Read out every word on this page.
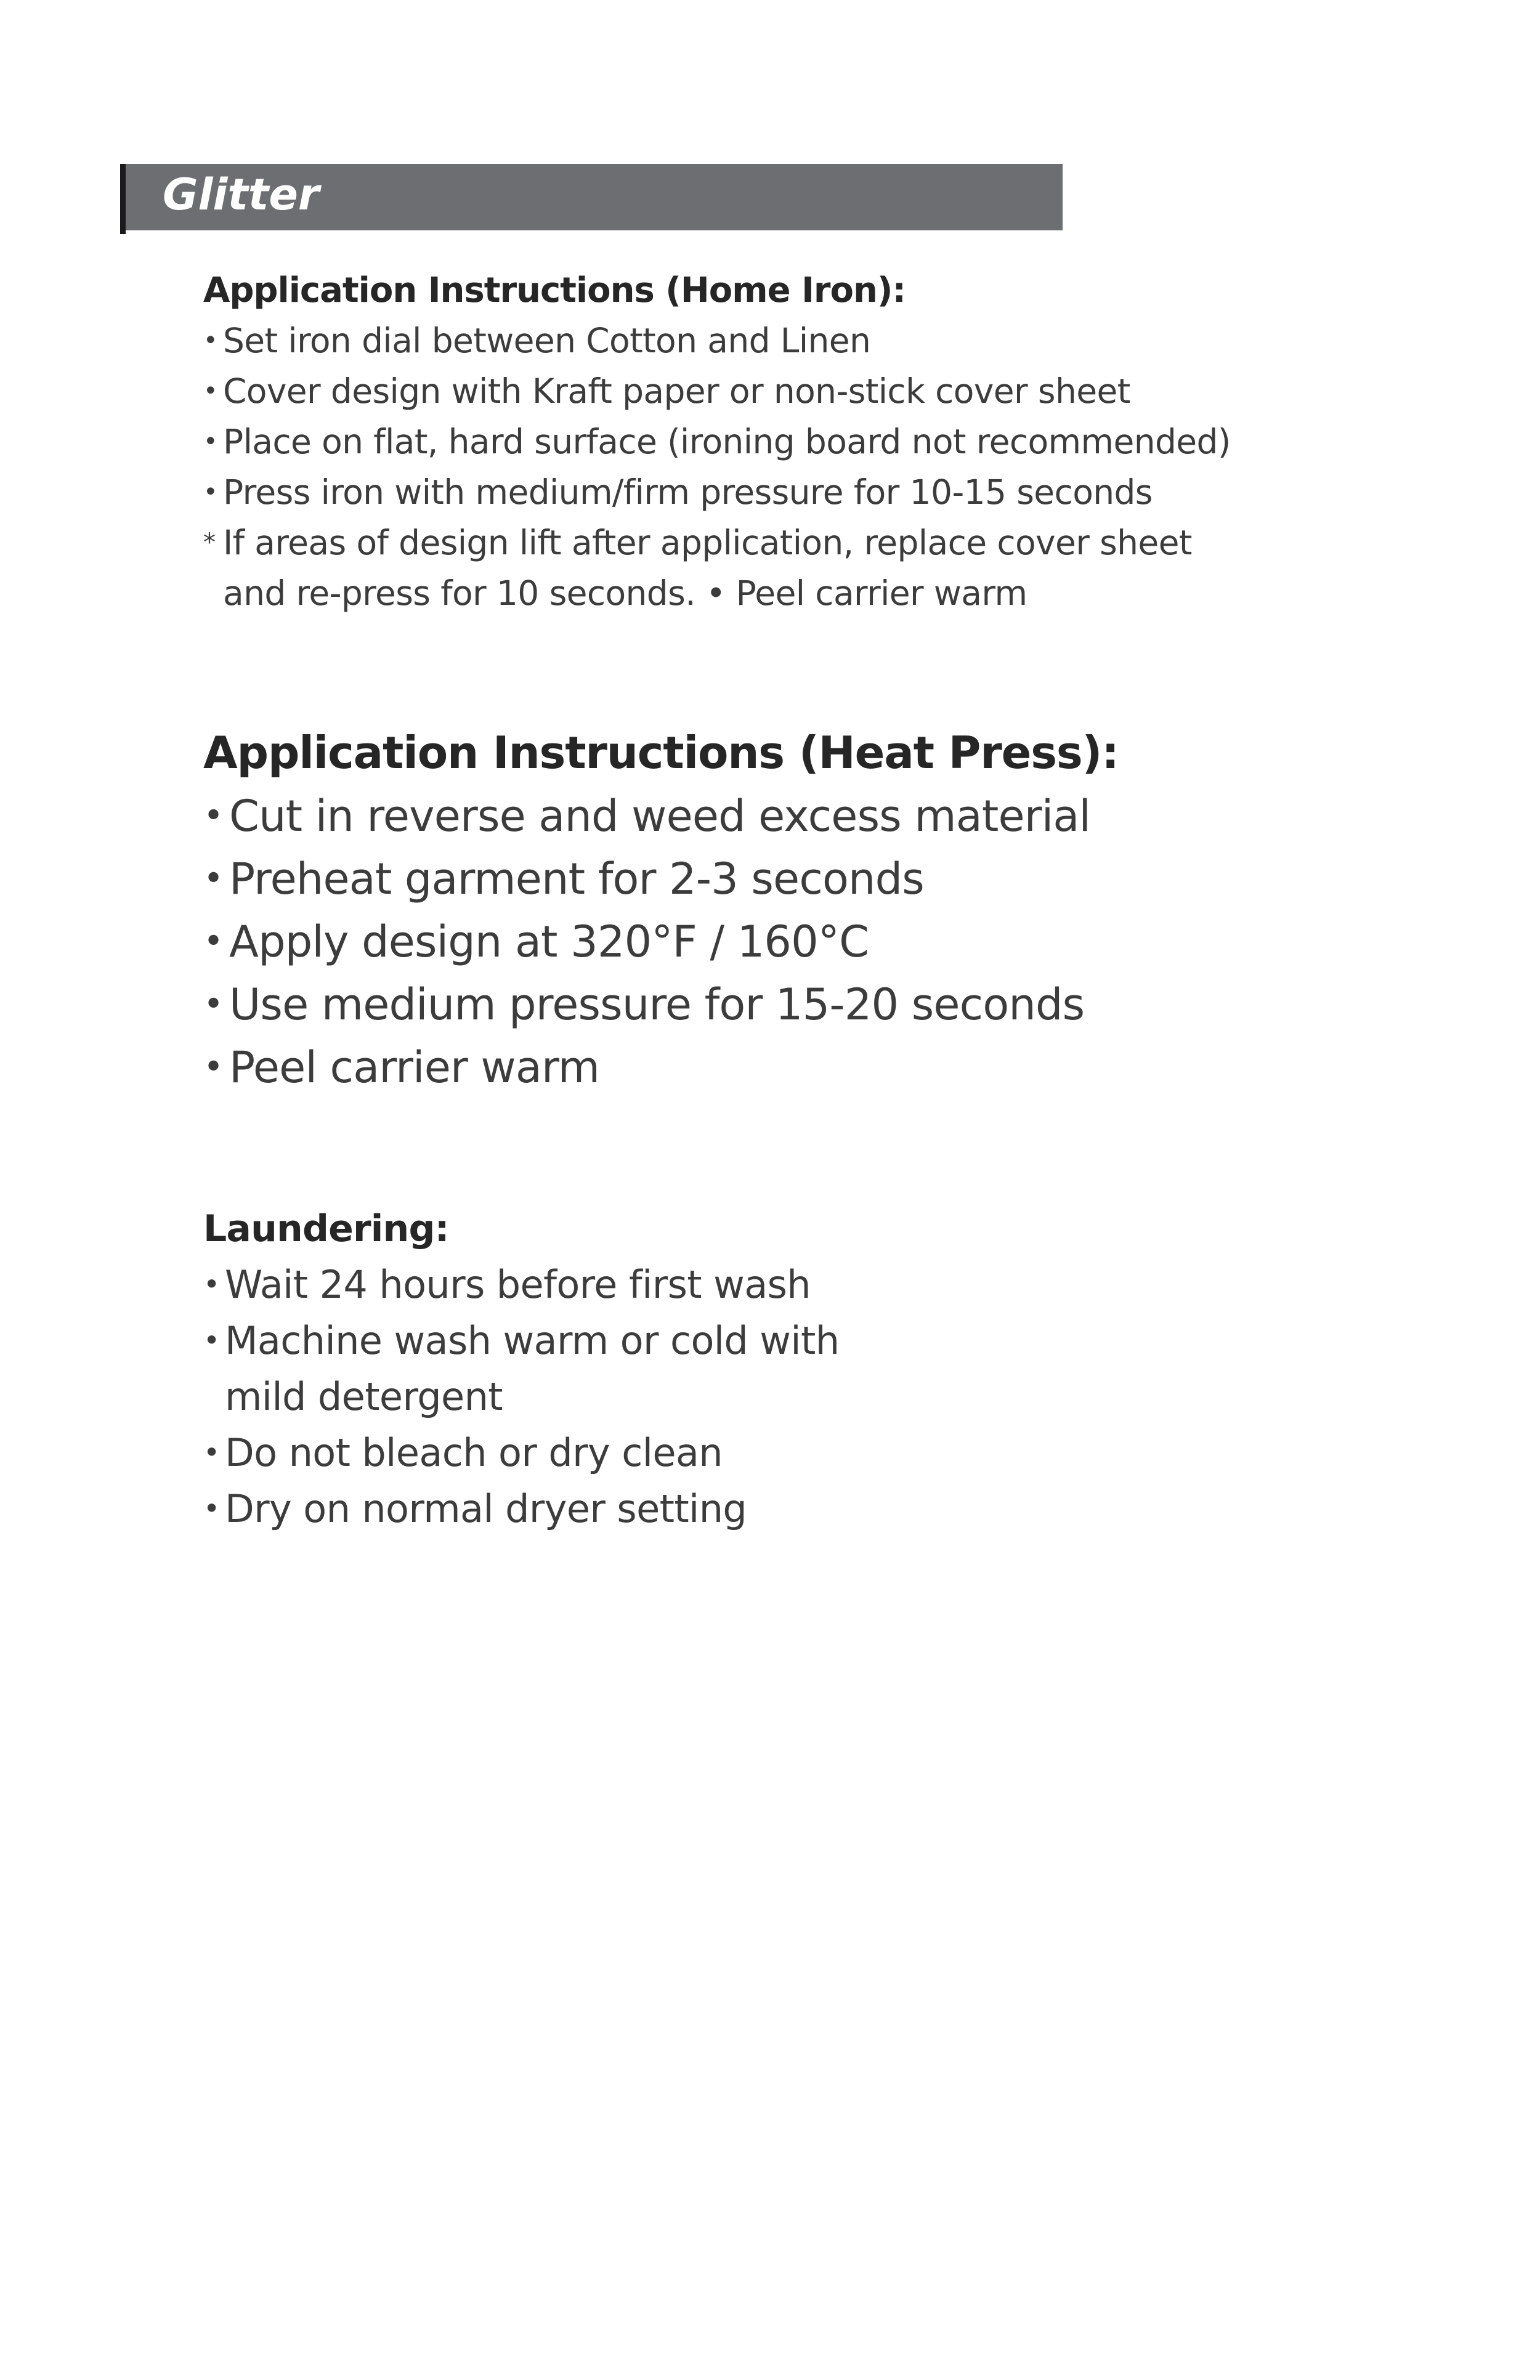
Glitter
Application Instructions (Home Iron):
• Set iron dial between Cotton and Linen
• Cover design with Kraft paper or non-stick cover sheet
• Place on flat, hard surface (ironing board not recommended)
• Press iron with medium/firm pressure for 10-15 seconds
* If areas of design lift after application, replace cover sheet
and re-press for 10 seconds. • Peel carrier warm
Application Instructions (Heat Press):
• Cut in reverse and weed excess material
• Preheat garment for 2-3 seconds
• Apply design at 320°F / 160°C
• Use medium pressure for 15-20 seconds
• Peel carrier warm
Laundering:
• Wait 24 hours before first wash
• Machine wash warm or cold with
mild detergent
• Do not bleach or dry clean
• Dry on normal dryer setting
